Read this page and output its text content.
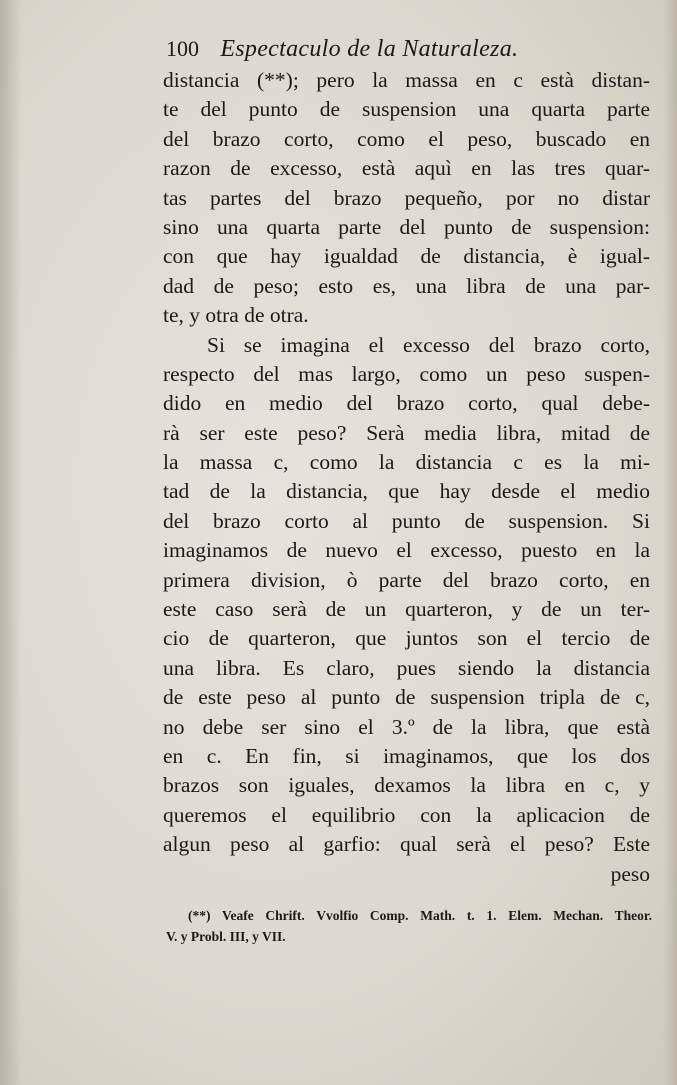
100 Espectaculo de la Naturaleza.
distancia (**); pero la massa en c està distan-
te del punto de suspension una quarta parte
del brazo corto, como el peso, buscado en
razon de excesso, està aquì en las tres quar-
tas partes del brazo pequeño, por no distar
sino una quarta parte del punto de suspension:
con que hay igualdad de distancia, è igual-
dad de peso; esto es, una libra de una par-
te, y otra de otra.
Si se imagina el excesso del brazo corto,
respecto del mas largo, como un peso suspen-
dido en medio del brazo corto, qual debe-
rà ser este peso? Serà media libra, mitad de
la massa c, como la distancia c es la mi-
tad de la distancia, que hay desde el medio
del brazo corto al punto de suspension. Si
imaginamos de nuevo el excesso, puesto en la
primera division, ò parte del brazo corto, en
este caso serà de un quarteron, y de un ter-
cio de quarteron, que juntos son el tercio de
una libra. Es claro, pues siendo la distancia
de este peso al punto de suspension tripla de c,
no debe ser sino el 3.º de la libra, que està
en c. En fin, si imaginamos, que los dos
brazos son iguales, dexamos la libra en c, y
queremos el equilibrio con la aplicacion de
algun peso al garfio: qual serà el peso? Este
peso
(**) Veafe Chrift. Vvolfio Comp. Math. t. 1. Elem. Mechan. Theor.
V. y Probl. III, y VII.
